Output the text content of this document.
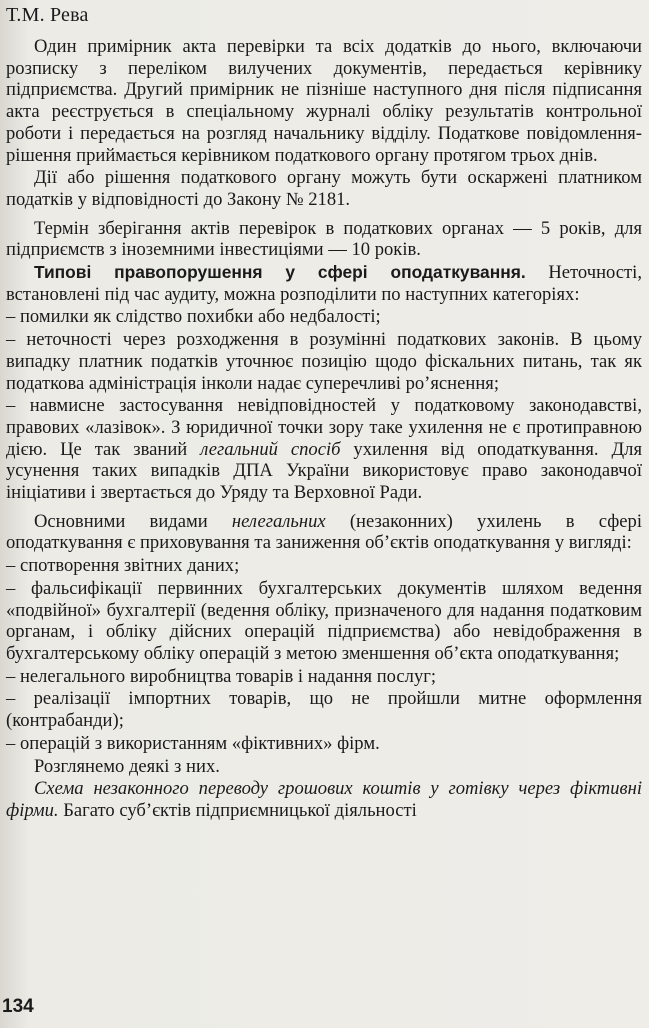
Т.М. Рева

Один примірник акта перевірки та всіх додатків до нього, включаючи розписку з переліком вилучених документів, передається керівнику підприємства. Другий примірник не пізніше наступного дня після підписання акта реєструється в спеціальному журналі обліку результатів контрольної роботи і передається на розгляд начальнику відділу. Податкове повідомлення-рішення приймається керівником податкового органу протягом трьох днів.

Дії або рішення податкового органу можуть бути оскаржені платником податків у відповідності до Закону № 2181.

Термін зберігання актів перевірок в податкових органах — 5 років, для підприємств з іноземними інвестиціями — 10 років.

Типові правопорушення у сфері оподаткування. Неточності, встановлені під час аудиту, можна розподілити по наступних категоріях:

– помилки як слідство похибки або недбалості;

– неточності через розходження в розумінні податкових законів. В цьому випадку платник податків уточнює позицію щодо фіскальних питань, так як податкова адміністрація інколи надає суперечливі ро’яснення;

– навмисне застосування невідповідностей у податковому законодавстві, правових «лазівок». З юридичної точки зору таке ухилення не є протиправною дією. Це так званий легальний спосіб ухилення від оподаткування. Для усунення таких випадків ДПА України використовує право законодавчої ініціативи і звертається до Уряду та Верховної Ради.

Основними видами нелегальних (незаконних) ухилень в сфері оподаткування є приховування та заниження об’єктів оподаткування у вигляді:

– спотворення звітних даних;

– фальсифікації первинних бухгалтерських документів шляхом ведення «подвійної» бухгалтерії (ведення обліку, призначеного для надання податковим органам, і обліку дійсних операцій підприємства) або невідображення в бухгалтерському обліку операцій з метою зменшення об’єкта оподаткування;

– нелегального виробництва товарів і надання послуг;

– реалізації імпортних товарів, що не пройшли митне оформлення (контрабанди);

– операцій з використанням «фіктивних» фірм.

Розглянемо деякі з них.

Схема незаконного переводу грошових коштів у готівку через фіктивні фірми. Багато суб’єктів підприємницької діяльності

134
